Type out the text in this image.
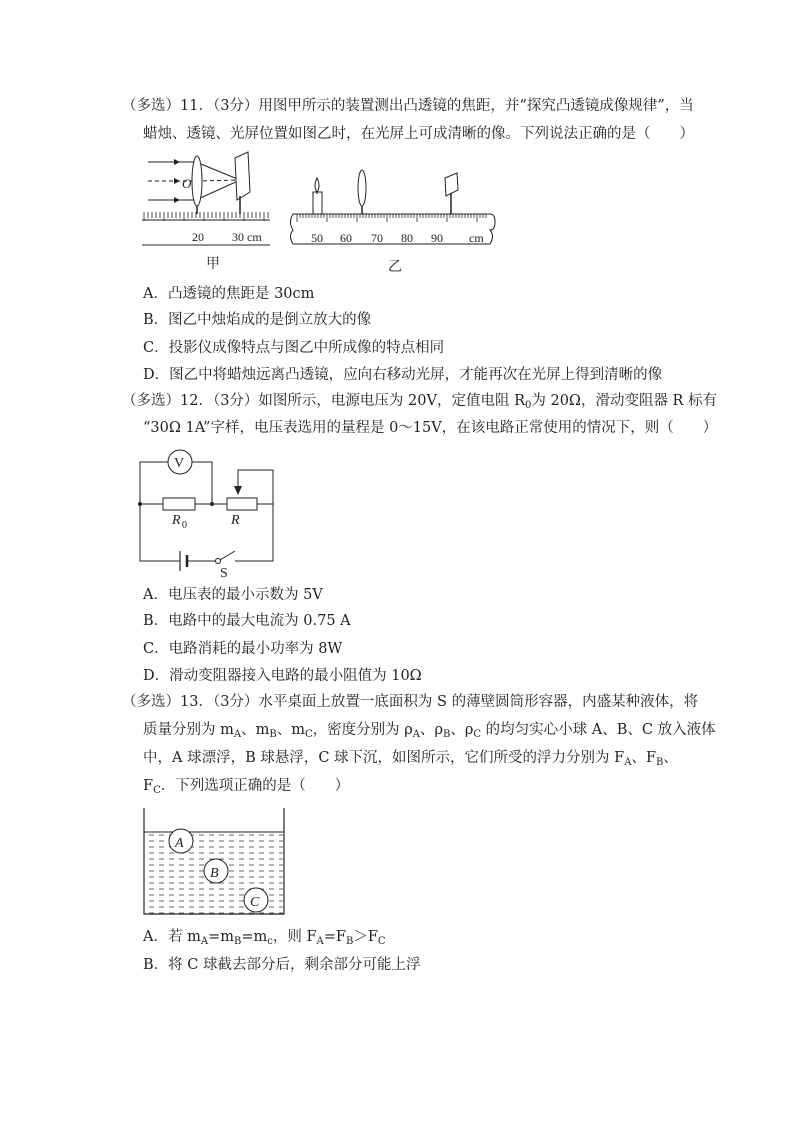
（多选）11．（3分）用图甲所示的装置测出凸透镜的焦距，并“探究凸透镜成像规律”，当
蜡烛、透镜、光屏位置如图乙时，在光屏上可成清晰的像。下列说法正确的是（　　）
O
20 30 cm
甲
50 60 70 80 90 cm
乙
A．凸透镜的焦距是 30cm
B．图乙中烛焰成的是倒立放大的像
C．投影仪成像特点与图乙中所成像的特点相同
D．图乙中将蜡烛远离凸透镜，应向右移动光屏，才能再次在光屏上得到清晰的像
（多选）12．（3分）如图所示，电源电压为 20V，定值电阻 $R_0$为 20Ω，滑动变阻器 R 标有
“30Ω 1A”字样，电压表选用的量程是 0～15V，在该电路正常使用的情况下，则（　　）
V
R 0	R
S
A．电压表的最小示数为 5V
B．电路中的最大电流为 0.75 A
C．电路消耗的最小功率为 8W
D．滑动变阻器接入电路的最小阻值为 10Ω
（多选）13．（3分）水平桌面上放置一底面积为 S 的薄壁圆筒形容器，内盛某种液体，将
质量分别为 $m_A$、$m_B$、$m_C$，密度分别为 $\rho_A$、$\rho_B$、$\rho_C$ 的均匀实心小球 A、B、C 放入液体
中，A 球漂浮，B 球悬浮，C 球下沉，如图所示，它们所受的浮力分别为 $F_A$、$F_B$、
$F_C$．下列选项正确的是（　　）
A
B
C
A．若 $m_A=m_B=m_c$，则 $F_A=F_B>F_C$
B．将 C 球截去部分后，剩余部分可能上浮
